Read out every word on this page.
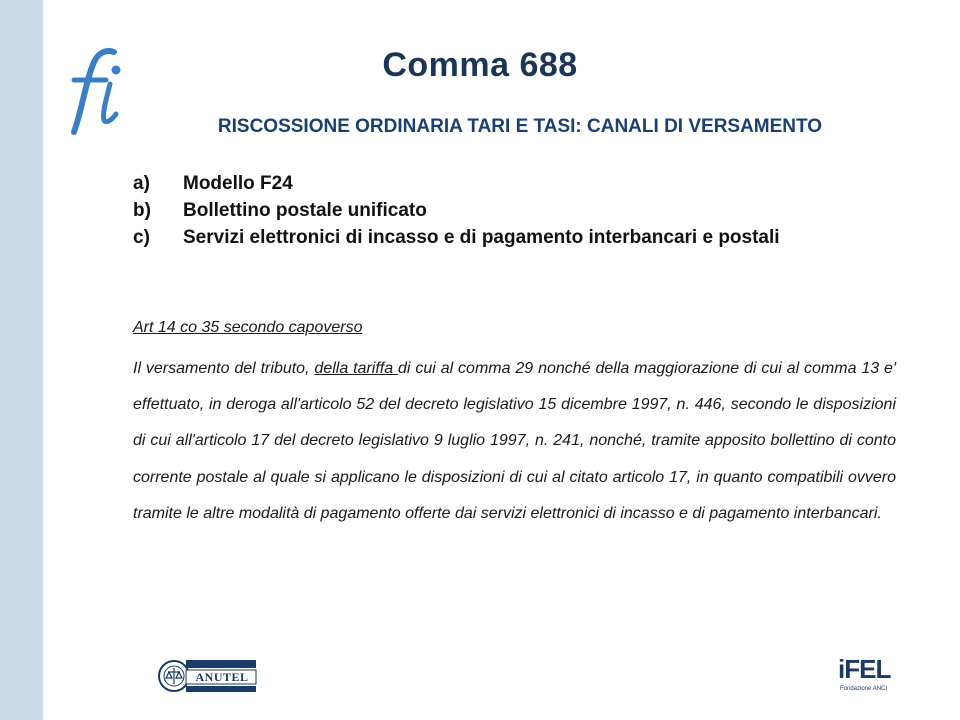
Comma 688
RISCOSSIONE ORDINARIA TARI E TASI: CANALI DI VERSAMENTO
a) Modello F24
b) Bollettino postale unificato
c) Servizi elettronici di incasso e di pagamento interbancari e postali
Art 14 co 35 secondo capoverso
Il versamento del tributo, della tariffa di cui al comma 29 nonché della maggiorazione di cui al comma 13 e' effettuato, in deroga all'articolo 52 del decreto legislativo 15 dicembre 1997, n. 446, secondo le disposizioni di cui all'articolo 17 del decreto legislativo 9 luglio 1997, n. 241, nonché, tramite apposito bollettino di conto corrente postale al quale si applicano le disposizioni di cui al citato articolo 17, in quanto compatibili ovvero tramite le altre modalità di pagamento offerte dai servizi elettronici di incasso e di pagamento interbancari.
ANUTEL	iFEL
Fondazione ANCI
